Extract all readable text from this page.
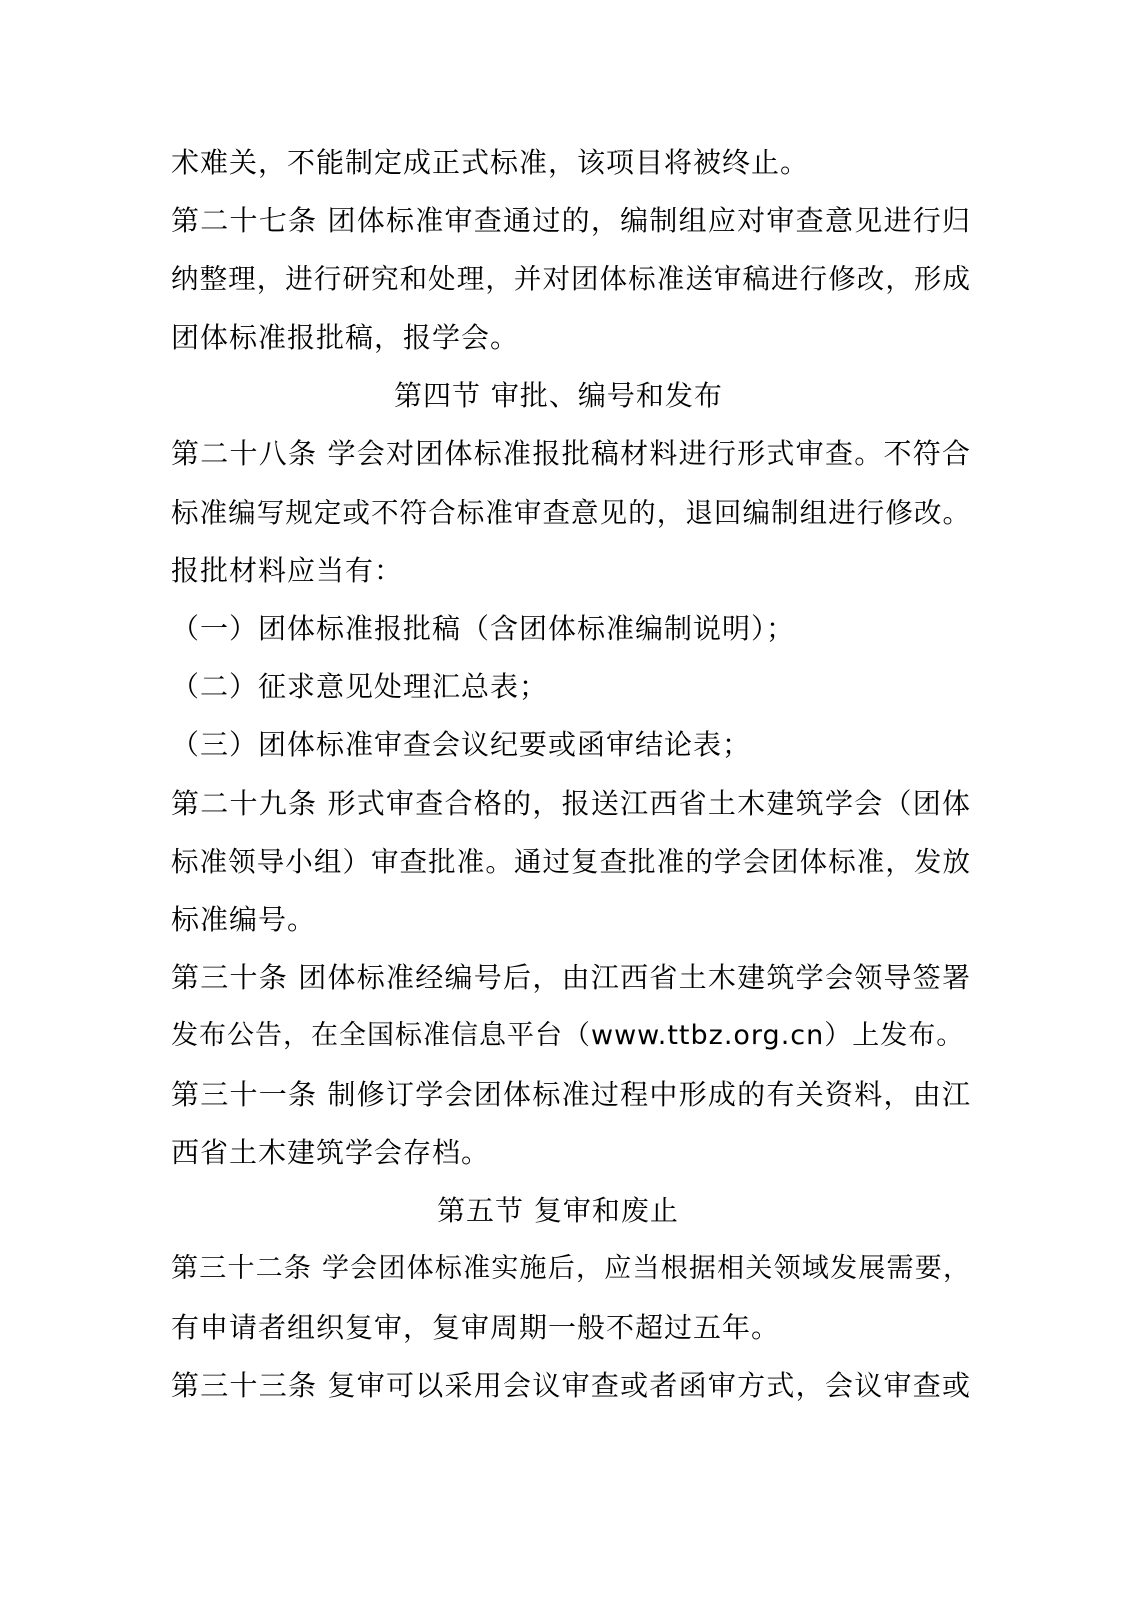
术难关，不能制定成正式标准，该项目将被终止。
第二十七条 团体标准审查通过的，编制组应对审查意见进行归
纳整理，进行研究和处理，并对团体标准送审稿进行修改，形成
团体标准报批稿，报学会。
第四节 审批、编号和发布
第二十八条 学会对团体标准报批稿材料进行形式审查。不符合
标准编写规定或不符合标准审查意见的，退回编制组进行修改。
报批材料应当有：
（一）团体标准报批稿（含团体标准编制说明）；
（二）征求意见处理汇总表；
（三）团体标准审查会议纪要或函审结论表；
第二十九条 形式审查合格的，报送江西省土木建筑学会（团体
标准领导小组）审查批准。通过复查批准的学会团体标准，发放
标准编号。
第三十条 团体标准经编号后，由江西省土木建筑学会领导签署
发布公告，在全国标准信息平台（www.ttbz.org.cn）上发布。
第三十一条 制修订学会团体标准过程中形成的有关资料，由江
西省土木建筑学会存档。
第五节 复审和废止
第三十二条 学会团体标准实施后，应当根据相关领域发展需要，
有申请者组织复审，复审周期一般不超过五年。
第三十三条 复审可以采用会议审查或者函审方式，会议审查或
